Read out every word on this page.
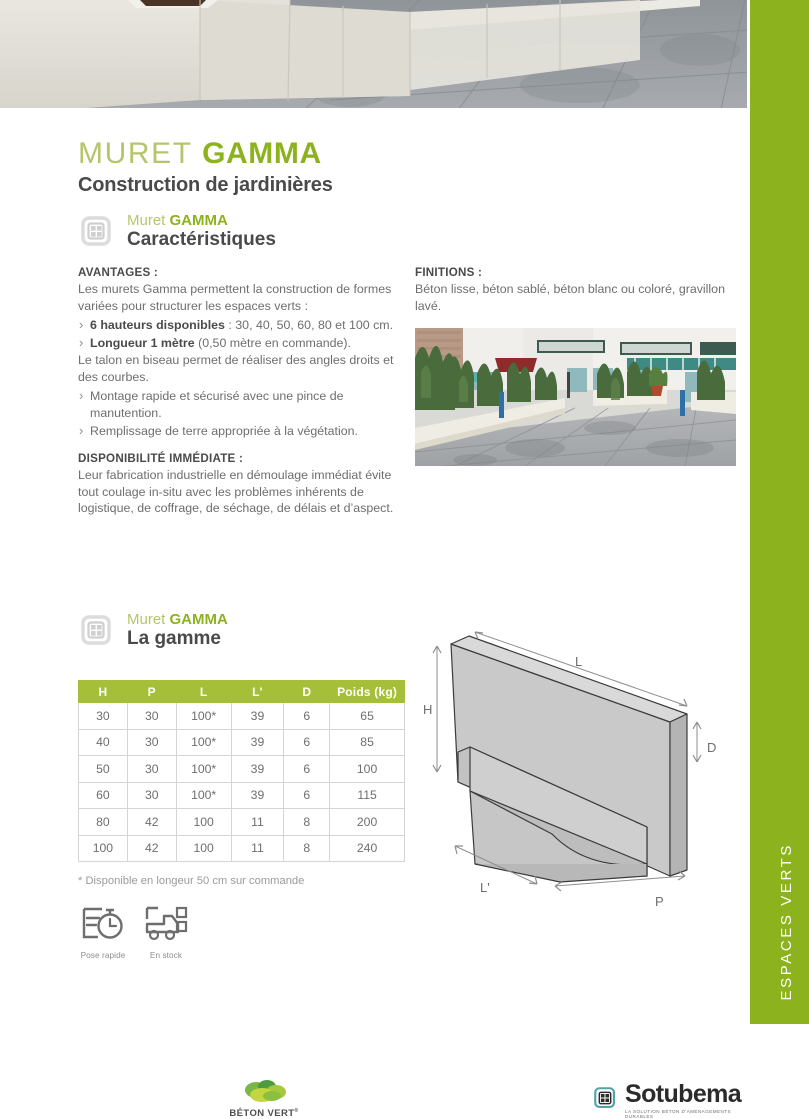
ESPACES VERTS
MURET GAMMA
Construction de jardinières
Muret GAMMA
Caractéristiques
AVANTAGES :
Les murets Gamma permettent la construction de formes variées pour structurer les espaces verts :
› 6 hauteurs disponibles : 30, 40, 50, 60, 80 et 100 cm.
› Longueur 1 mètre (0,50 mètre en commande).
Le talon en biseau permet de réaliser des angles droits et des courbes.
› Montage rapide et sécurisé avec une pince de manutention.
› Remplissage de terre appropriée à la végétation.
DISPONIBILITÉ IMMÉDIATE :
Leur fabrication industrielle en démoulage immédiat évite tout coulage in-situ avec les problèmes inhérents de logistique, de coffrage, de séchage, de délais et d’aspect.
FINITIONS :
Béton lisse, béton sablé, béton blanc ou coloré, gravillon lavé.
Muret GAMMA
La gamme
H	P	L	L'	D	Poids (kg)
30	30	100*	39	6	65
40	30	100*	39	6	85
50	30	100*	39	6	100
60	30	100*	39	6	115
80	42	100	11	8	200
100	42	100	11	8	240
* Disponible en longeur 50 cm sur commande
Pose rapide	En stock
H
L
D
L'
P
BÉTON VERT®
Sotubema
LA SOLUTION BÉTON D'AMÉNAGEMENTS DURABLES
